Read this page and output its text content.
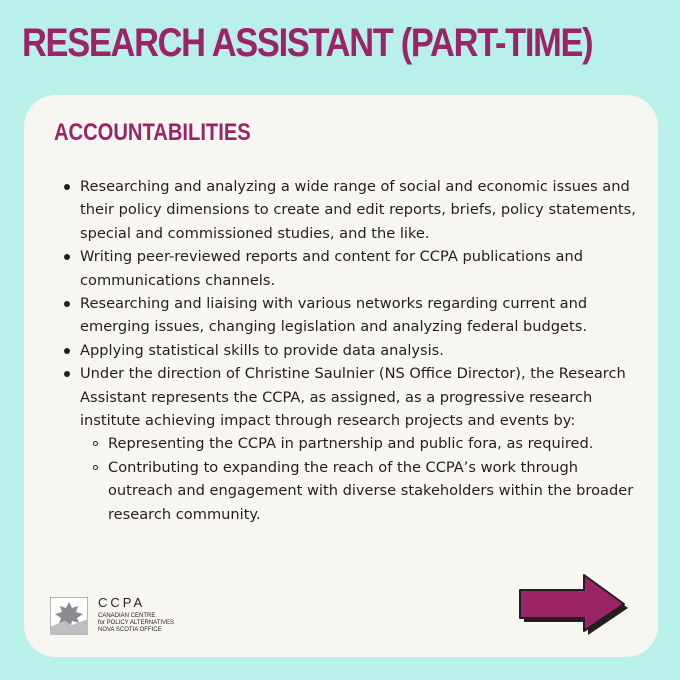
RESEARCH ASSISTANT (PART-TIME)
ACCOUNTABILITIES
Researching and analyzing a wide range of social and economic issues and their policy dimensions to create and edit reports, briefs, policy statements, special and commissioned studies, and the like.
Writing peer-reviewed reports and content for CCPA publications and communications channels.
Researching and liaising with various networks regarding current and emerging issues, changing legislation and analyzing federal budgets.
Applying statistical skills to provide data analysis.
Under the direction of Christine Saulnier (NS Office Director), the Research Assistant represents the CCPA, as assigned, as a progressive research institute achieving impact through research projects and events by:
Representing the CCPA in partnership and public fora, as required.
Contributing to expanding the reach of the CCPA’s work through outreach and engagement with diverse stakeholders within the broader research community.
CCPA
CANADIAN CENTRE
for POLICY ALTERNATIVES
NOVA SCOTIA OFFICE
